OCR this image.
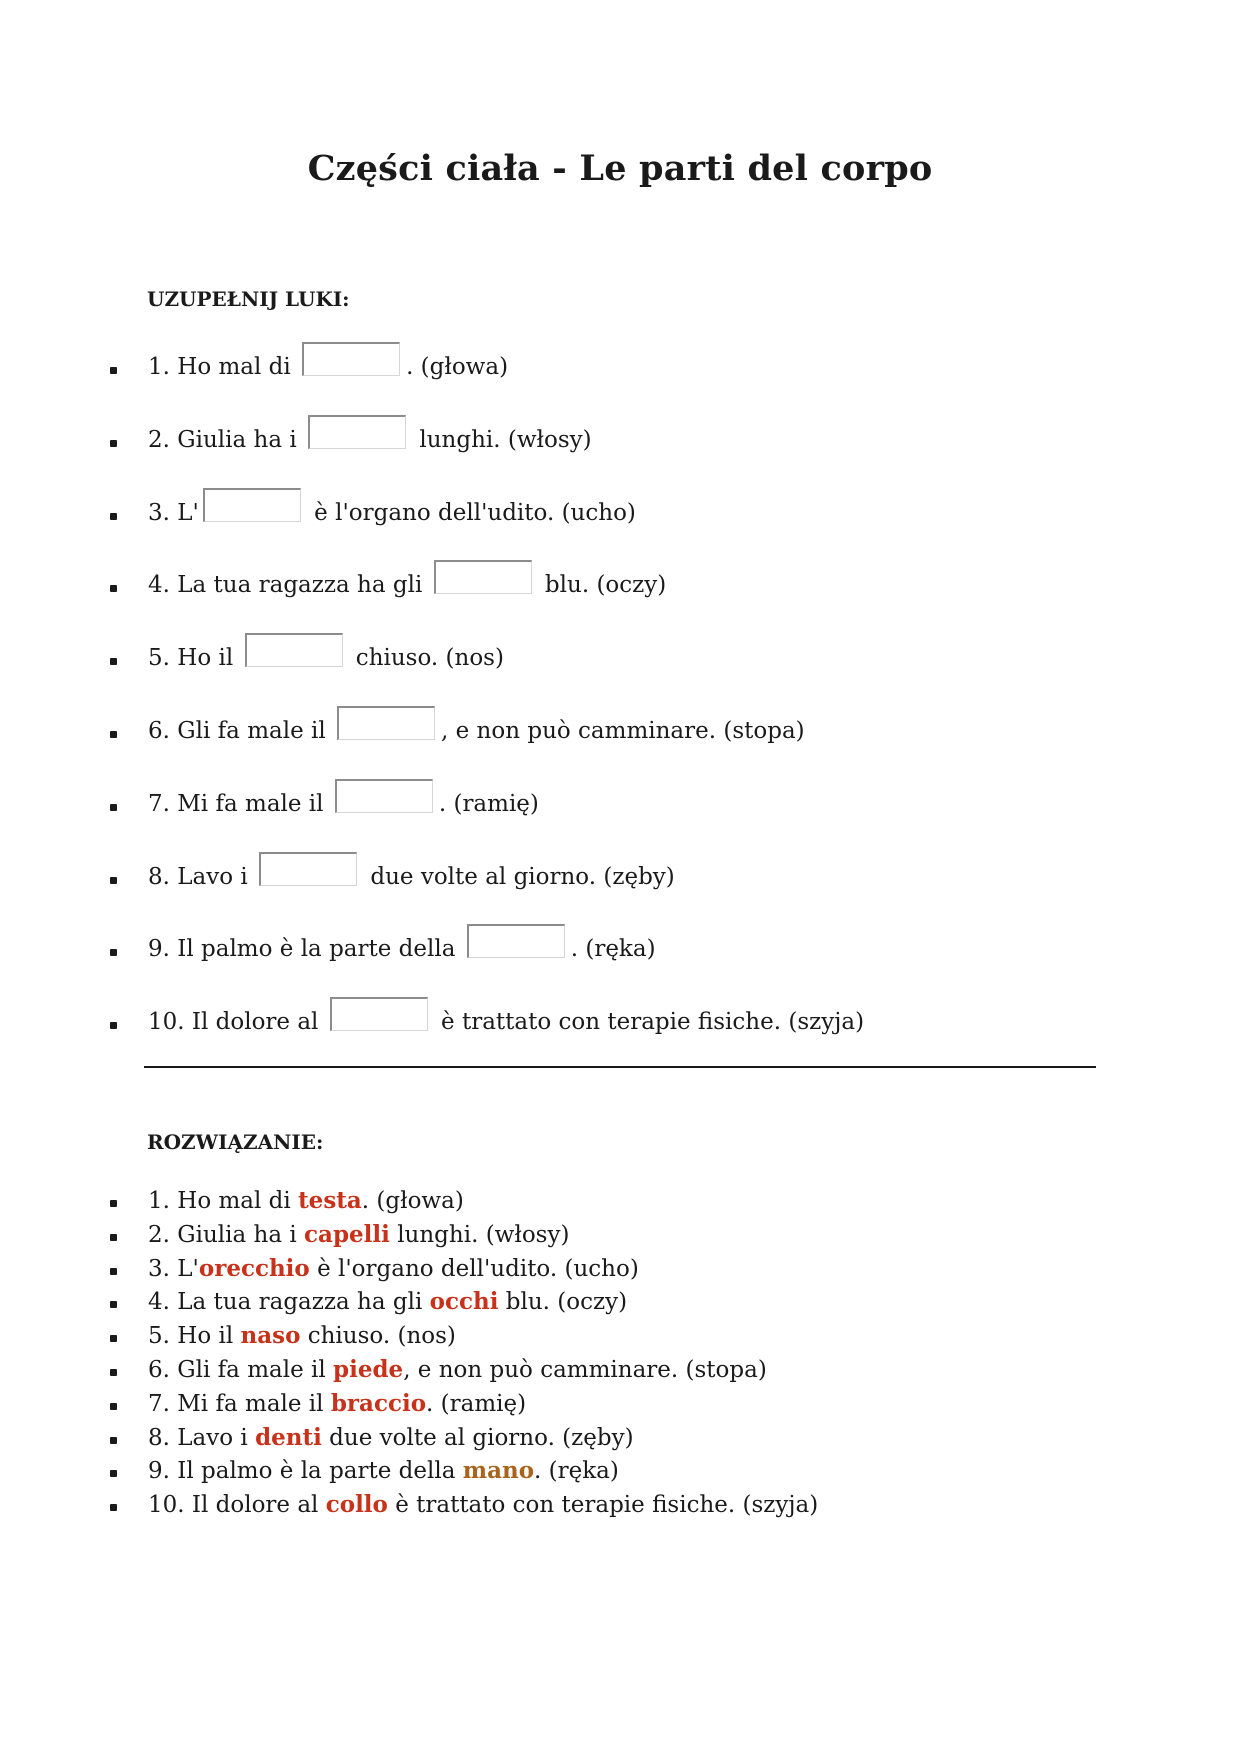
Części ciała - Le parti del corpo

UZUPEŁNIJ LUKI:

1. Ho mal di	. (głowa)
2. Giulia ha i	lunghi. (włosy)
3. L'	è l'organo dell'udito. (ucho)
4. La tua ragazza ha gli	blu. (oczy)
5. Ho il	chiuso. (nos)
6. Gli fa male il	, e non può camminare. (stopa)
7. Mi fa male il	. (ramię)
8. Lavo i	due volte al giorno. (zęby)
9. Il palmo è la parte della	. (ręka)
10. Il dolore al	è trattato con terapie fisiche. (szyja)

ROZWIĄZANIE:

1. Ho mal di testa . (głowa)
2. Giulia ha i capelli lunghi. (włosy)
3. L' orecchio è l'organo dell'udito. (ucho)
4. La tua ragazza ha gli occhi blu. (oczy)
5. Ho il naso chiuso. (nos)
6. Gli fa male il piede , e non può camminare. (stopa)
7. Mi fa male il braccio . (ramię)
8. Lavo i denti due volte al giorno. (zęby)
9. Il palmo è la parte della mano . (ręka)
10. Il dolore al collo è trattato con terapie fisiche. (szyja)
